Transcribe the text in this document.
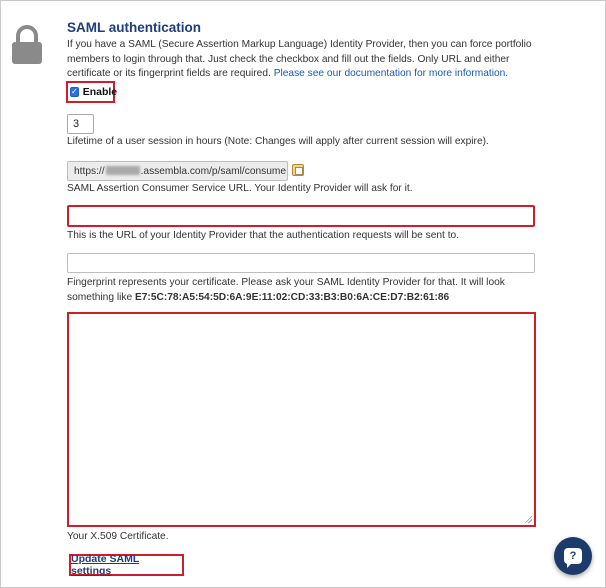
SAML authentication
If you have a SAML (Secure Assertion Markup Language) Identity Provider, then you can force portfolio members to login through that. Just check the checkbox and fill out the fields. Only URL and either certificate or its fingerprint fields are required. Please see our documentation for more information.
✓ Enable
3
Lifetime of a user session in hours (Note: Changes will apply after current session will expire).
https://	.assembla.com/p/saml/consume
SAML Assertion Consumer Service URL. Your Identity Provider will ask for it.
This is the URL of your Identity Provider that the authentication requests will be sent to.
Fingerprint represents your certificate. Please ask your SAML Identity Provider for that. It will look something like E7:5C:78:A5:54:5D:6A:9E:11:02:CD:33:B3:B0:6A:CE:D7:B2:61:86
Your X.509 Certificate.
Update SAML settings
?
